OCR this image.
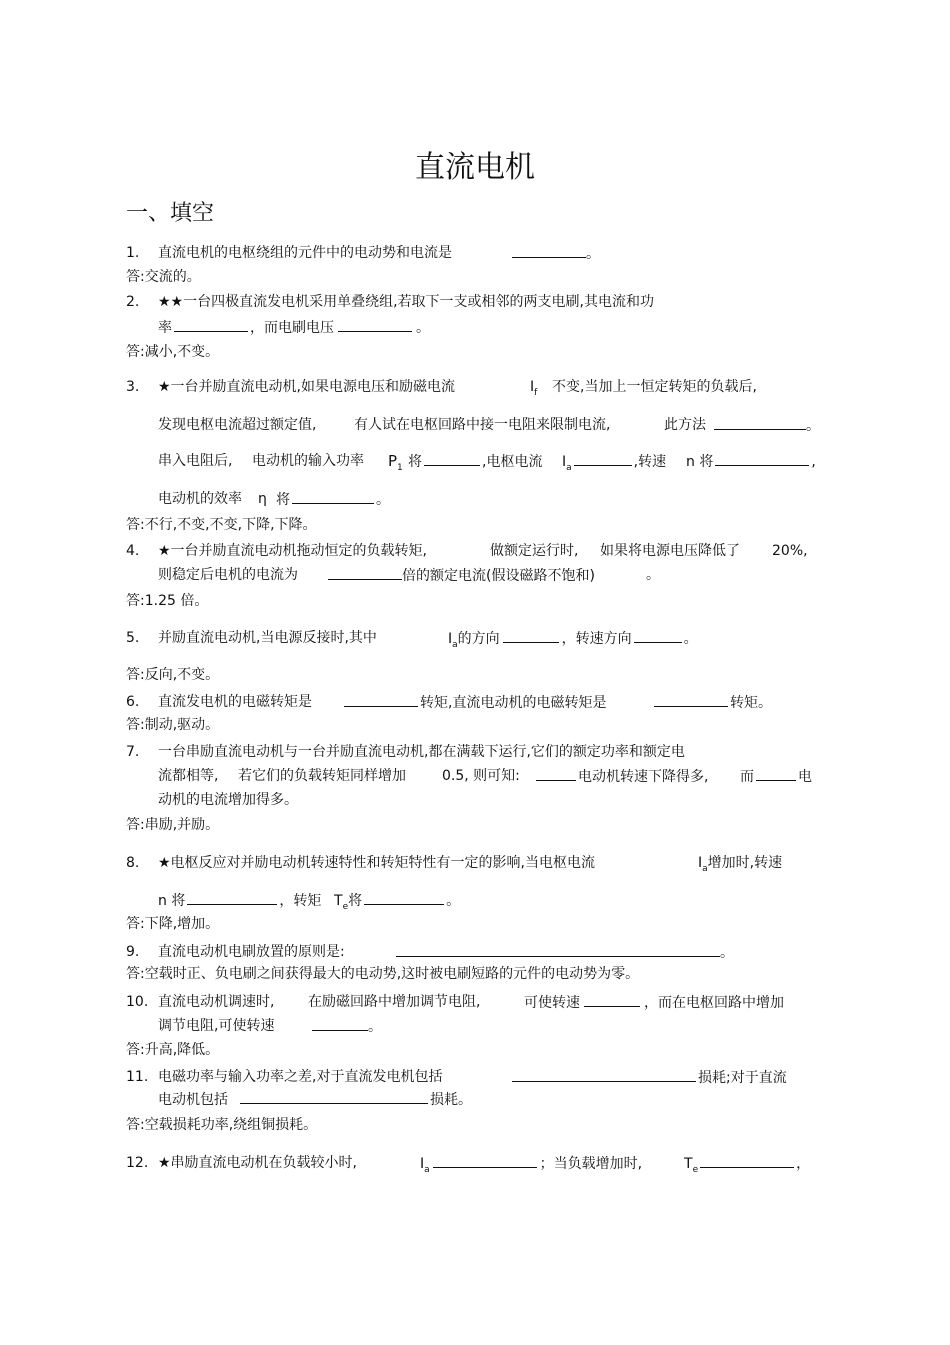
直流电机
一、填空
1. 直流电机的电枢绕组的元件中的电动势和电流是	。
答:交流的。
2. ★★一台四极直流发电机采用单叠绕组,若取下一支或相邻的两支电刷,其电流和功
率	，而电刷电压	。
答:减小,不变。
3. ★一台并励直流电动机,如果电源电压和励磁电流	$I_f$ 不变,当加上一恒定转矩的负载后,
发现电枢电流超过额定值,	有人试在电枢回路中接一电阻来限制电流,	此方法	。
串入电阻后, 电动机的输入功率 $P_1$ 将	,电枢电流 $I_a$	,转速 n 将	,
电动机的效率 η 将	。
答:不行,不变,不变,下降,下降。
4. ★一台并励直流电动机拖动恒定的负载转矩,	做额定运行时, 如果将电源电压降低了 20%,
则稳定后电机的电流为	倍的额定电流(假设磁路不饱和)	。
答:1.25 倍。
5. 并励直流电动机,当电源反接时,其中	$I_a$的方向	，转速方向	。
答:反向,不变。
6. 直流发电机的电磁转矩是	转矩,直流电动机的电磁转矩是	转矩。
答:制动,驱动。
7. 一台串励直流电动机与一台并励直流电动机,都在满载下运行,它们的额定功率和额定电
流都相等, 若它们的负载转矩同样增加	0.5, 则可知:	电动机转速下降得多, 而	电
动机的电流增加得多。
答:串励,并励。
8. ★电枢反应对并励电动机转速特性和转矩特性有一定的影响,当电枢电流	$I_a$增加时,转速
n 将	，转矩 $T_e$将	。
答:下降,增加。
9. 直流电动机电刷放置的原则是:	。
答:空载时正、负电刷之间获得最大的电动势,这时被电刷短路的元件的电动势为零。
10. 直流电动机调速时, 在励磁回路中增加调节电阻,	可使转速	，而在电枢回路中增加
调节电阻,可使转速	。
答:升高,降低。
11. 电磁功率与输入功率之差,对于直流发电机包括	损耗;对于直流
电动机包括	损耗。
答:空载损耗功率,绕组铜损耗。
12. ★串励直流电动机在负载较小时,	$I_a$	；当负载增加时,	$T_e$	，
